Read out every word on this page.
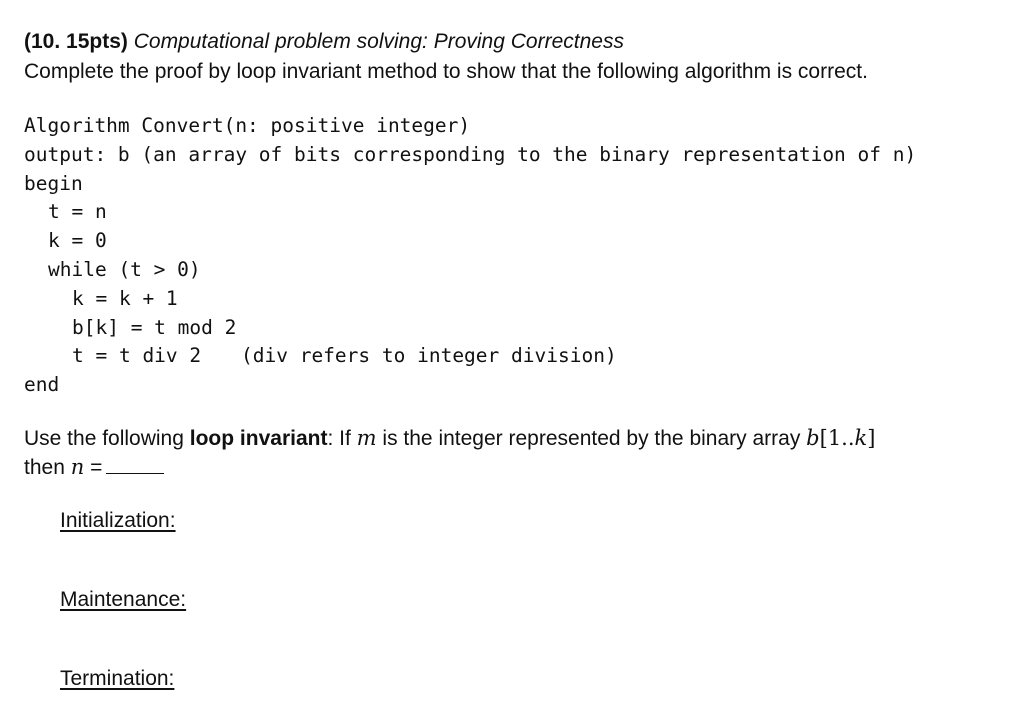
(10. 15pts) Computational problem solving: Proving Correctness
Complete the proof by loop invariant method to show that the following algorithm is correct.
Algorithm Convert(n: positive integer)
output: b (an array of bits corresponding to the binary representation of n)
begin
t = n
k = 0
while (t > 0)
k = k + 1
b[k] = t mod 2
t = t div 2 (div refers to integer division)
end
Use the following loop invariant: If m is the integer represented by the binary array b[1..k]
then n =
Initialization:
Maintenance:
Termination:
